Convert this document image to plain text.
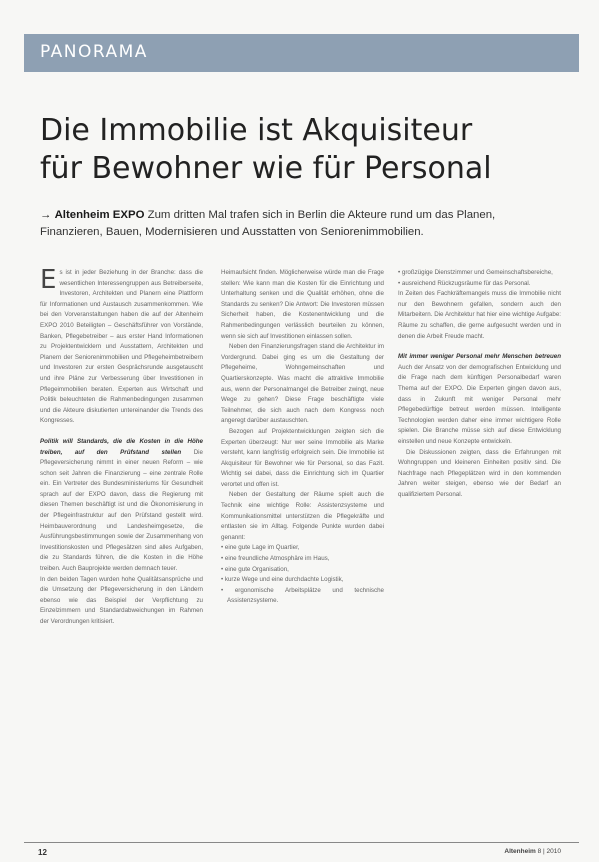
PANORAMA
Die Immobilie ist Akquisiteur
für Bewohner wie für Personal
→ Altenheim EXPO Zum dritten Mal trafen sich in Berlin die Akteure rund um das Planen, Finanzieren, Bauen, Modernisieren und Ausstatten von Seniorenimmobilien.

Es ist in jeder Beziehung in der Branche: dass die wesentlichen Interessengruppen aus Betreiberseite, Investoren, Architekten und Planern eine Plattform für Informationen und Austausch zusammenkommen. Wie bei den Vorveranstaltungen haben die auf der Altenheim EXPO 2010 Beteiligten – Geschäftsführer von Vorstände, Banken, Pflegebetreiber – aus erster Hand Informationen zu Projektentwicklern und Ausstattern, Architekten und Planern der Seniorenimmobilien und Pflegeheimbetreibern und Investoren zur ersten Gesprächsrunde ausgetauscht und ihre Pläne zur Verbesserung über Investitionen in Pflegeimmobilien beraten. Experten aus Wirtschaft und Politik beleuchteten die Rahmenbedingungen zusammen und die Akteure diskutierten untereinander die Trends des Kongresses.

Politik will Standards, die die Kosten in die Höhe treiben, auf den Prüfstand stellen Die Pflegeversicherung nimmt in einer neuen Reform – wie schon seit Jahren die Finanzierung – eine zentrale Rolle ein. Ein Vertreter des Bundesministeriums für Gesundheit sprach auf der EXPO davon, dass die Regierung mit diesen Themen beschäftigt ist und die Ökonomisierung in der Pflegeinfrastruktur auf den Prüfstand gestellt wird. Heimbauverordnung und Landesheimgesetze, die Ausführungsbestimmungen sowie der Zusammenhang von Investitionskosten und Pflegesätzen sind alles Aufgaben, die zu Standards führen, die die Kosten in die Höhe treiben. Auch Bauprojekte werden demnach teuer.

In den beiden Tagen wurden hohe Qualitätsansprüche und die Umsetzung der Pflegeversicherung in den Ländern ebenso wie das Beispiel der Verpflichtung zu Einzelzimmern und Standardabweichungen im Rahmen der Verordnungen kritisiert.

Heimaufsicht finden. Möglicherweise würde man die Frage stellen: Wie kann man die Kosten für die Einrichtung und Unterhaltung senken und die Qualität erhöhen, ohne die Standards zu senken? Die Antwort: Die Investoren müssen Sicherheit haben, die Kostenentwicklung und die Rahmenbedingungen verlässlich beurteilen zu können, wenn sie sich auf Investitionen einlassen sollen.

Neben den Finanzierungsfragen stand die Architektur im Vordergrund. Dabei ging es um die Gestaltung der Pflegeheime, Wohngemeinschaften und Quartierskonzepte. Was macht die attraktive Immobilie aus, wenn der Personalmangel die Betreiber zwingt, neue Wege zu gehen? Diese Frage beschäftigte viele Teilnehmer, die sich auch nach dem Kongress noch angeregt darüber austauschten.

Bezogen auf Projektentwicklungen zeigten sich die Experten überzeugt: Nur wer seine Immobilie als Marke versteht, kann langfristig erfolgreich sein. Die Immobilie ist Akquisiteur für Bewohner wie für Personal, so das Fazit. Wichtig sei dabei, dass die Einrichtung sich im Quartier verortet und offen ist.

Neben der Gestaltung der Räume spielt auch die Technik eine wichtige Rolle: Assistenzsysteme und Kommunikationsmittel unterstützen die Pflegekräfte und entlasten sie im Alltag. Folgende Punkte wurden dabei genannt:

• eine gute Lage im Quartier,
• eine freundliche Atmosphäre im Haus,
• eine gute Organisation,
• kurze Wege und eine durchdachte Logistik,
• ergonomische Arbeitsplätze und technische Assistenzsysteme.
• großzügige Dienstzimmer und Gemeinschaftsbereiche,
• ausreichend Rückzugsräume für das Personal.

In Zeiten des Fachkräftemangels muss die Immobilie nicht nur den Bewohnern gefallen, sondern auch den Mitarbeitern. Die Architektur hat hier eine wichtige Aufgabe: Räume zu schaffen, die gerne aufgesucht werden und in denen die Arbeit Freude macht.

Mit immer weniger Personal mehr Menschen betreuen Auch der Ansatz von der demografischen Entwicklung und die Frage nach dem künftigen Personalbedarf waren Thema auf der EXPO. Die Experten gingen davon aus, dass in Zukunft mit weniger Personal mehr Pflegebedürftige betreut werden müssen. Intelligente Technologien werden daher eine immer wichtigere Rolle spielen. Die Branche müsse sich auf diese Entwicklung einstellen und neue Konzepte entwickeln.

Die Diskussionen zeigten, dass die Erfahrungen mit Wohngruppen und kleineren Einheiten positiv sind. Die Nachfrage nach Pflegeplätzen wird in den kommenden Jahren weiter steigen, ebenso wie der Bedarf an qualifiziertem Personal.

12	Altenheim 8 | 2010
